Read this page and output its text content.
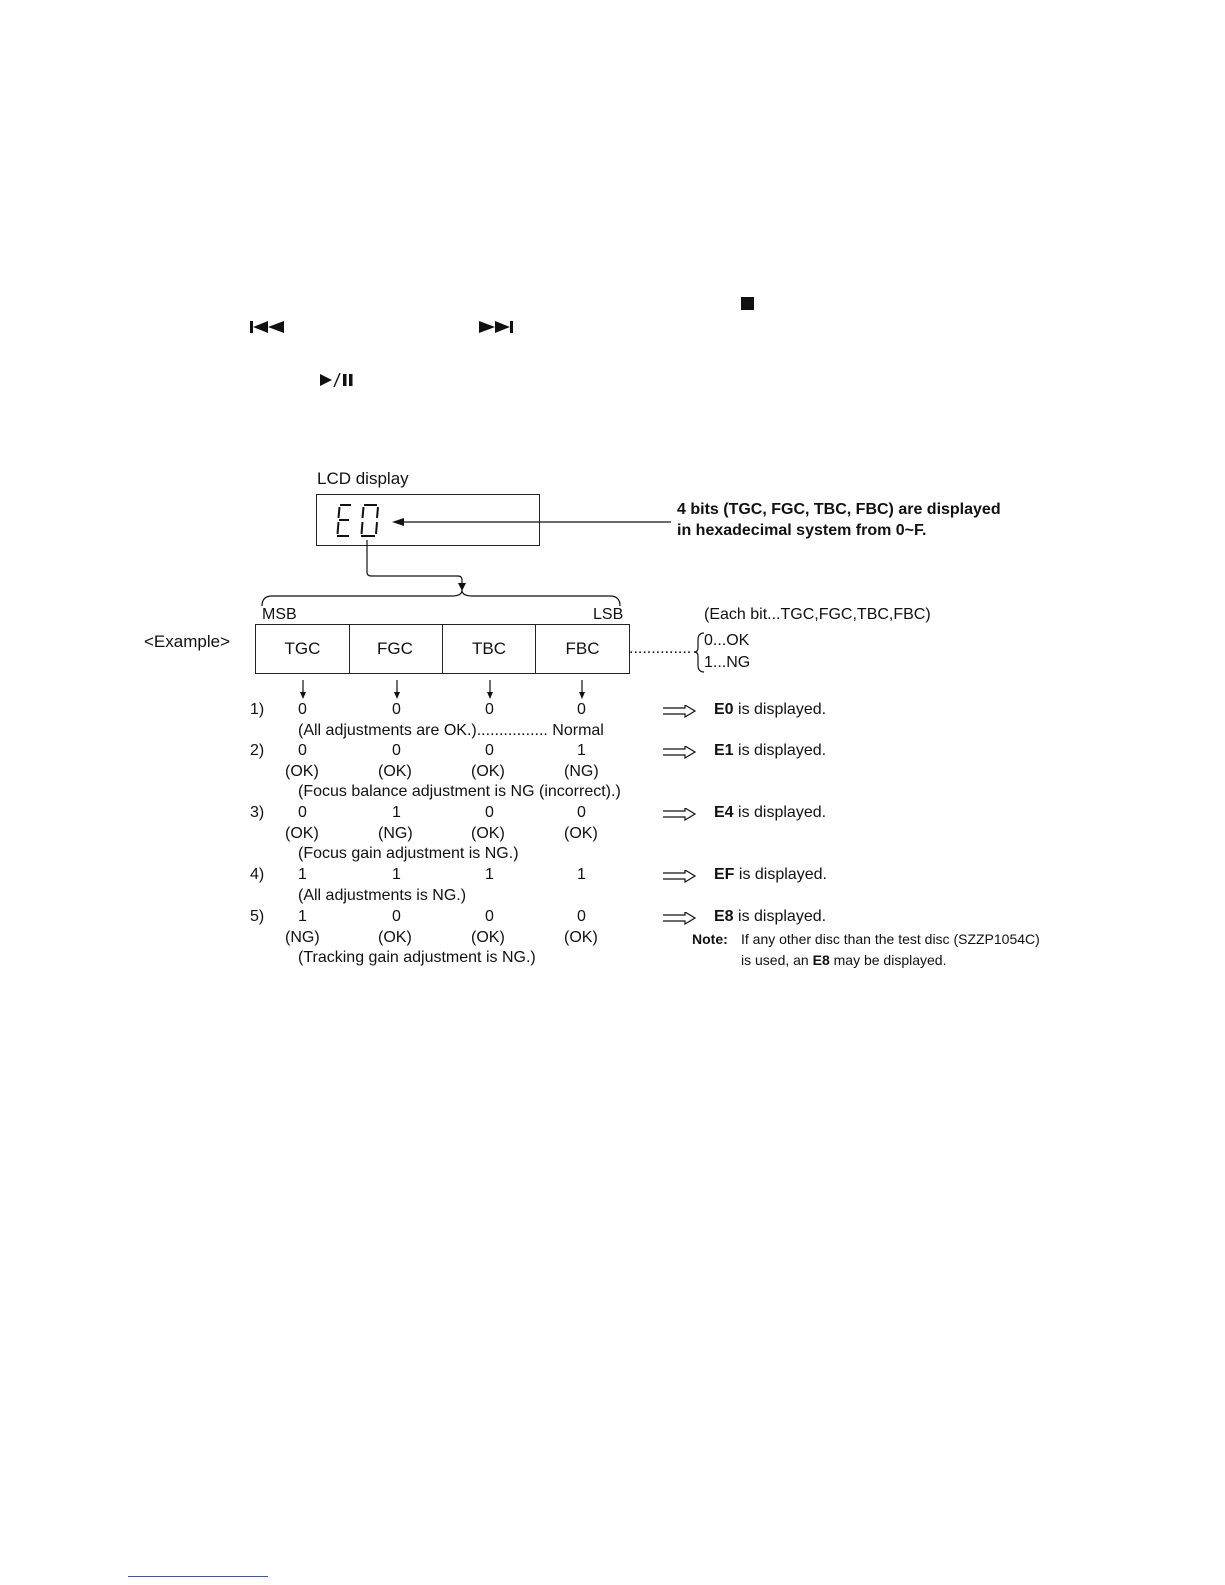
LCD display
4 bits (TGC, FGC, TBC, FBC) are displayed
in hexadecimal system from 0~F.
MSB	LSB
<Example>	TGC	FGC	TBC	FBC
(Each bit...TGC,FGC,TBC,FBC)
.............. 0...OK
1...NG
1) 0	0	0	0	E0 is displayed.
(All adjustments are OK.)................ Normal
2) 0	0	0	1	E1 is displayed.
(OK)	(OK)	(OK)	(NG)
(Focus balance adjustment is NG (incorrect).)
3) 0	1	0	0	E4 is displayed.
(OK)	(NG)	(OK)	(OK)
(Focus gain adjustment is NG.)
4) 1	1	1	1	EF is displayed.
(All adjustments is NG.)
5) 1	0	0	0	E8 is displayed.
(NG)	(OK)	(OK)	(OK)
(Tracking gain adjustment is NG.)
Note: If any other disc than the test disc (SZZP1054C)
is used, an E8 may be displayed.
